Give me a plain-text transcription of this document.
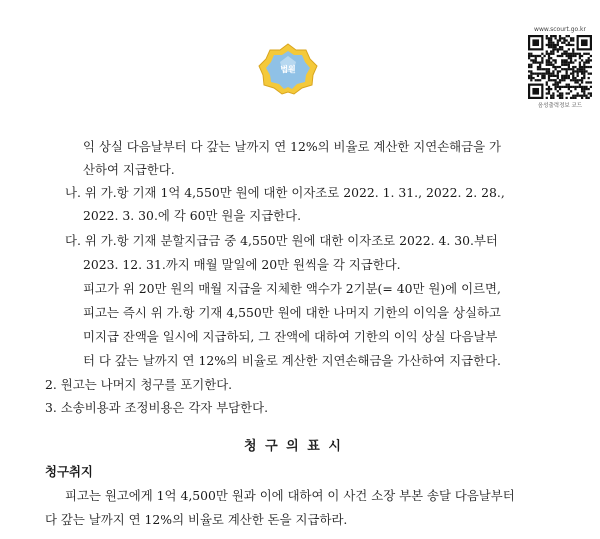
법원
www.scourt.go.kr
음성출력정보 코드
익 상실 다음날부터 다 갚는 날까지 연 12%의 비율로 계산한 지연손해금을 가
산하여 지급한다.
나. 위 가.항 기재 1억 4,550만 원에 대한 이자조로 2022. 1. 31., 2022. 2. 28.,
2022. 3. 30.에 각 60만 원을 지급한다.
다. 위 가.항 기재 분할지급금 중 4,550만 원에 대한 이자조로 2022. 4. 30.부터
2023. 12. 31.까지 매월 말일에 20만 원씩을 각 지급한다.
피고가 위 20만 원의 매월 지급을 지체한 액수가 2기분(= 40만 원)에 이르면,
피고는 즉시 위 가.항 기재 4,550만 원에 대한 나머지 기한의 이익을 상실하고
미지급 잔액을 일시에 지급하되, 그 잔액에 대하여 기한의 이익 상실 다음날부
터 다 갚는 날까지 연 12%의 비율로 계산한 지연손해금을 가산하여 지급한다.
2. 원고는 나머지 청구를 포기한다.
3. 소송비용과 조정비용은 각자 부담한다.
청 구 의 표 시
청구취지
피고는 원고에게 1억 4,500만 원과 이에 대하여 이 사건 소장 부본 송달 다음날부터
다 갚는 날까지 연 12%의 비율로 계산한 돈을 지급하라.
